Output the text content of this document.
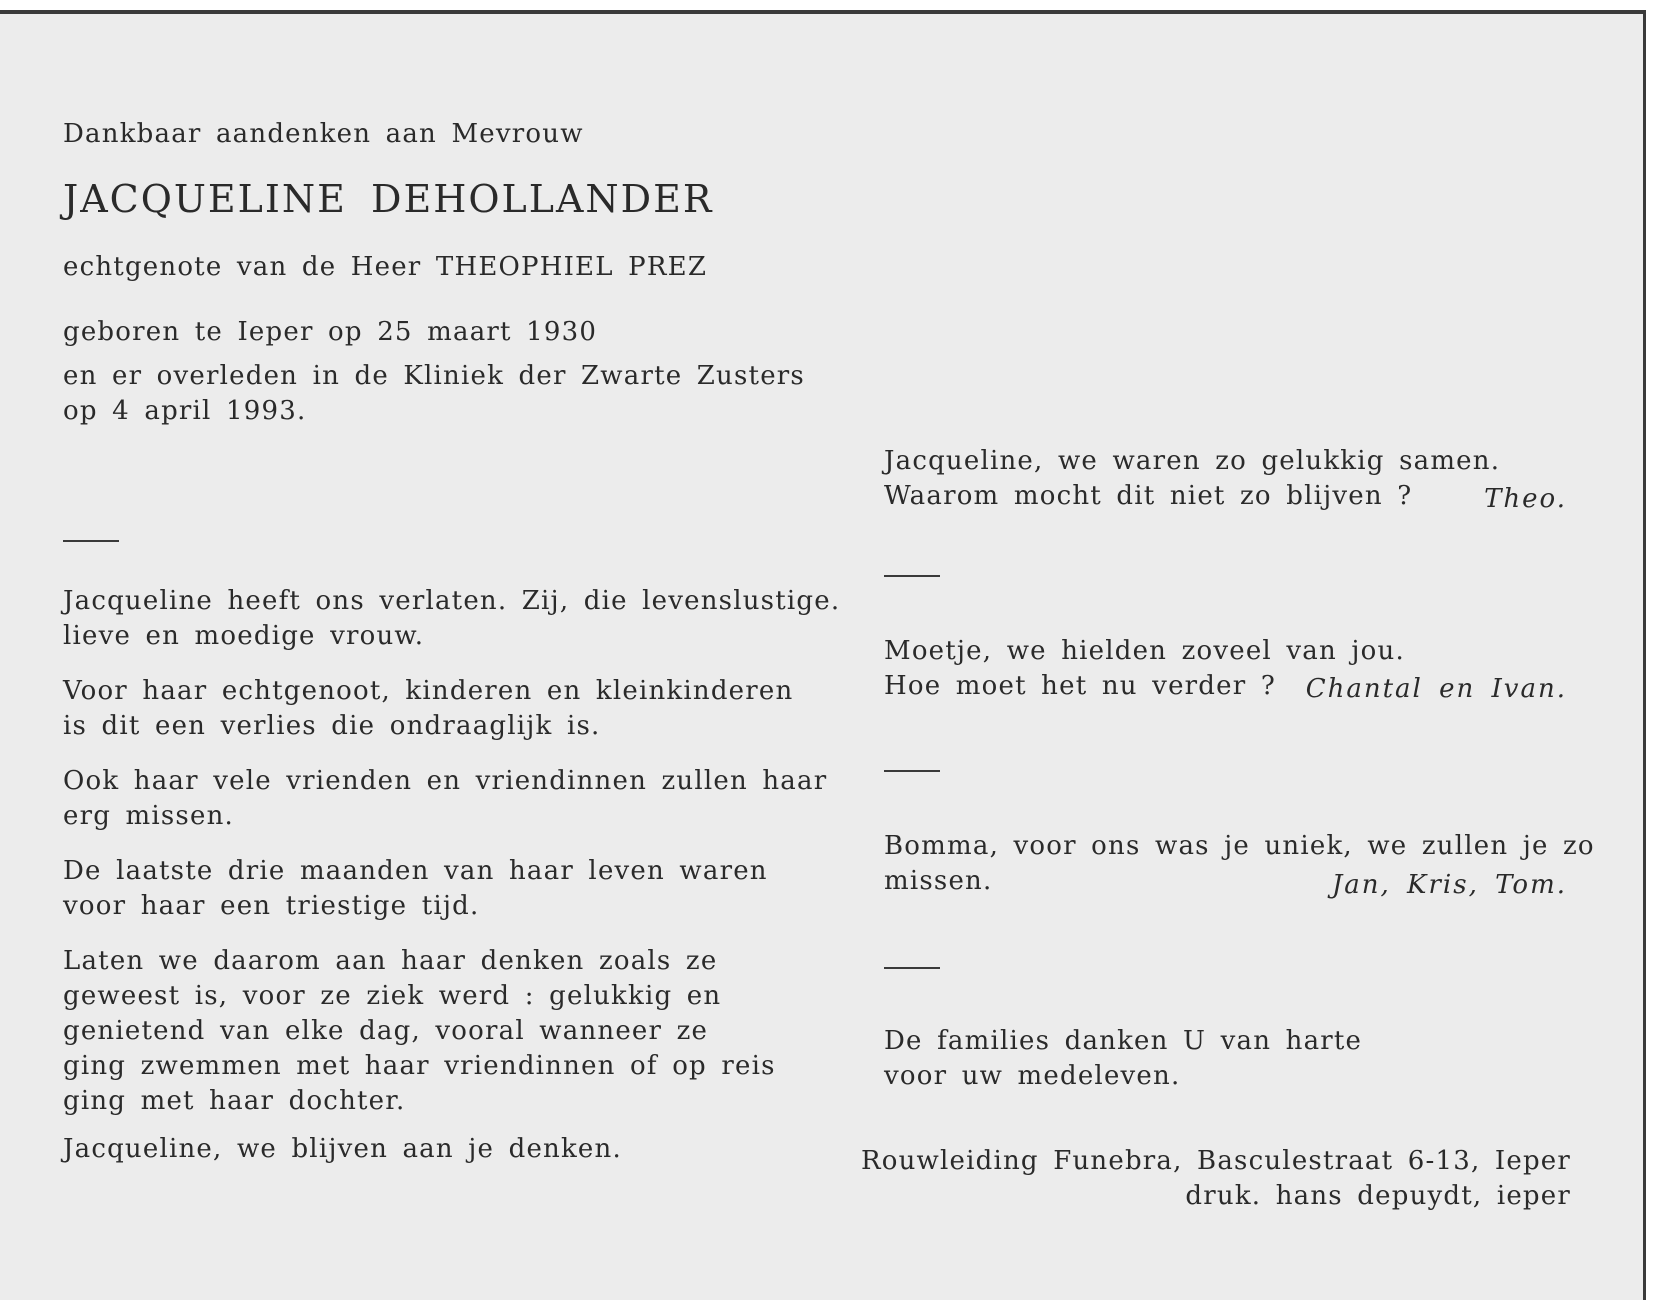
Dankbaar aandenken aan Mevrouw
JACQUELINE DEHOLLANDER
echtgenote van de Heer THEOPHIEL PREZ
geboren te Ieper op 25 maart 1930
en er overleden in de Kliniek der Zwarte Zusters
op 4 april 1993.
Jacqueline heeft ons verlaten. Zij, die levenslustige.
lieve en moedige vrouw.
Voor haar echtgenoot, kinderen en kleinkinderen
is dit een verlies die ondraaglijk is.
Ook haar vele vrienden en vriendinnen zullen haar
erg missen.
De laatste drie maanden van haar leven waren
voor haar een triestige tijd.
Laten we daarom aan haar denken zoals ze
geweest is, voor ze ziek werd : gelukkig en
genietend van elke dag, vooral wanneer ze
ging zwemmen met haar vriendinnen of op reis
ging met haar dochter.
Jacqueline, we blijven aan je denken.
Jacqueline, we waren zo gelukkig samen.
Waarom mocht dit niet zo blijven ?	Theo.
Moetje, we hielden zoveel van jou.
Hoe moet het nu verder ?	Chantal en Ivan.
Bomma, voor ons was je uniek, we zullen je zo
missen.	Jan, Kris, Tom.
De families danken U van harte
voor uw medeleven.
Rouwleiding Funebra, Basculestraat 6-13, Ieper
druk. hans depuydt, ieper
